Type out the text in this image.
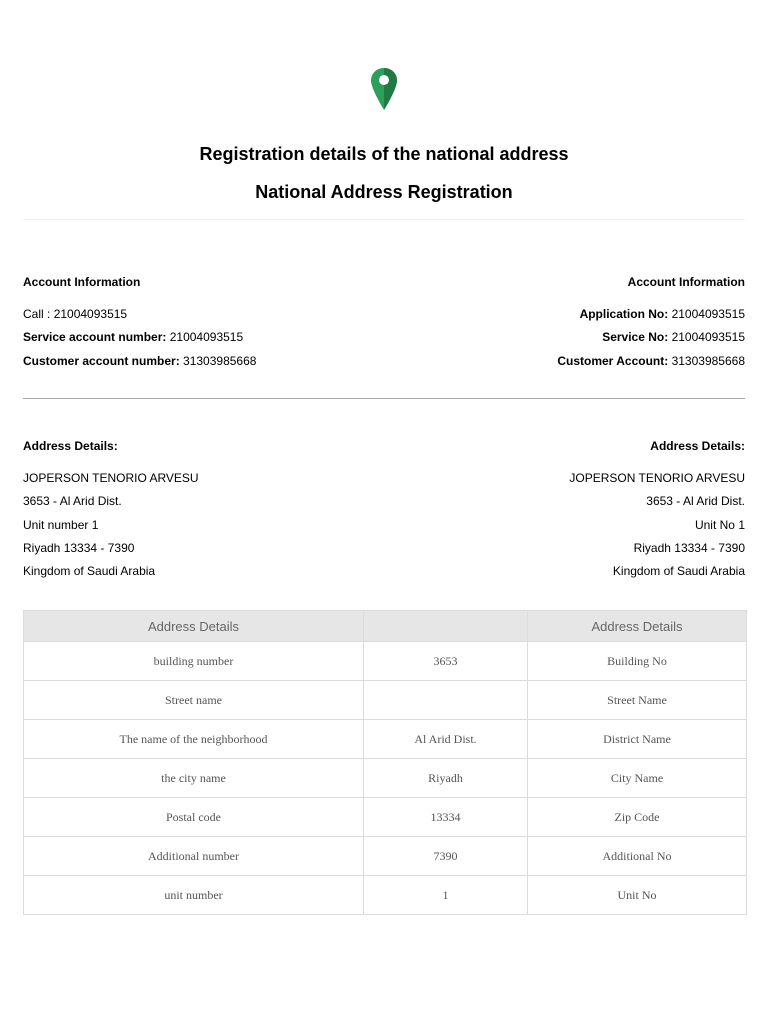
Registration details of the national address
National Address Registration
Account Information
Call : 21004093515
Service account number: 21004093515
Customer account number: 31303985668
Account Information
Application No: 21004093515
Service No: 21004093515
Customer Account: 31303985668
Address Details:
JOPERSON TENORIO ARVESU
3653 - Al Arid Dist.
Unit number 1
Riyadh 13334 - 7390
Kingdom of Saudi Arabia
Address Details:
JOPERSON TENORIO ARVESU
3653 - Al Arid Dist.
Unit No 1
Riyadh 13334 - 7390
Kingdom of Saudi Arabia
Address Details		Address Details
building number	3653	Building No
Street name		Street Name
The name of the neighborhood	Al Arid Dist.	District Name
the city name	Riyadh	City Name
Postal code	13334	Zip Code
Additional number	7390	Additional No
unit number	1	Unit No
